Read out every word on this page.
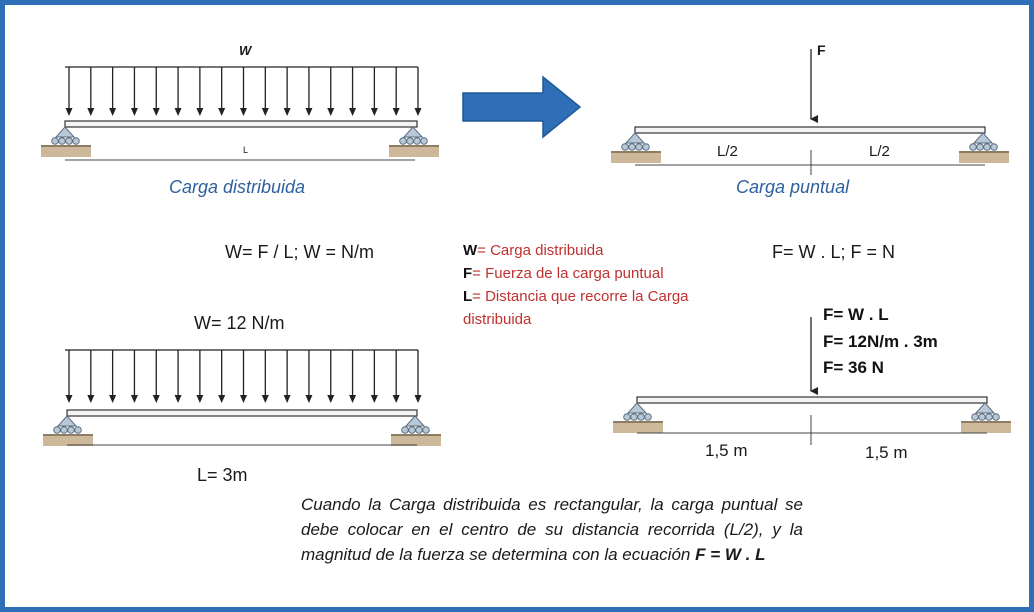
W
L
Carga distribuida
F
L/2	L/2
Carga puntual
W= F / L; W = N/m	F= W . L; F = N
W= Carga distribuida
F= Fuerza de la carga puntual
L= Distancia que recorre la Carga distribuida
W= 12 N/m
L= 3m
F= W . L
F= 12N/m . 3m
F= 36 N
1,5 m	1,5 m
Cuando la Carga distribuida es rectangular, la carga puntual se debe colocar en el centro de su distancia recorrida (L/2), y la magnitud de la fuerza se determina con la ecuación F = W . L
